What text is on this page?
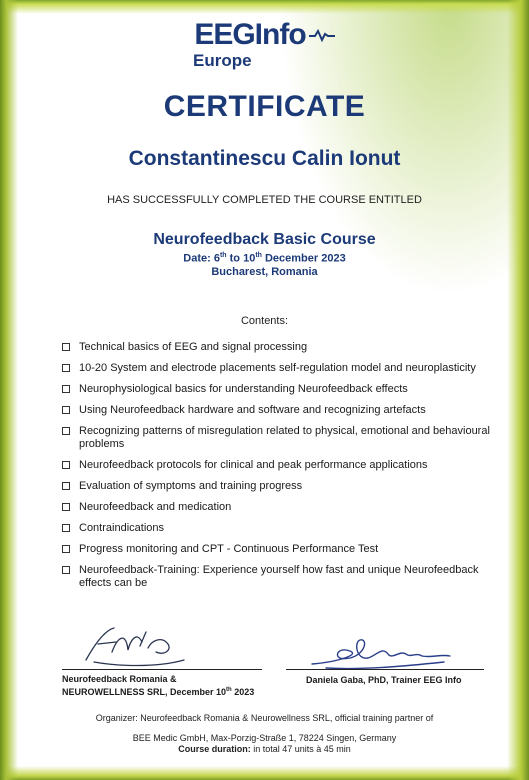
EEGInfo
Europe
CERTIFICATE
Constantinescu Calin Ionut
HAS SUCCESSFULLY COMPLETED THE COURSE ENTITLED
Neurofeedback Basic Course
Date: 6th to 10th December 2023
Bucharest, Romania
Contents:
Technical basics of EEG and signal processing
10-20 System and electrode placements self-regulation model and neuroplasticity
Neurophysiological basics for understanding Neurofeedback effects
Using Neurofeedback hardware and software and recognizing artefacts
Recognizing patterns of misregulation related to physical, emotional and behavioural problems
Neurofeedback protocols for clinical and peak performance applications
Evaluation of symptoms and training progress
Neurofeedback and medication
Contraindications
Progress monitoring and CPT - Continuous Performance Test
Neurofeedback-Training: Experience yourself how fast and unique Neurofeedback effects can be
Neurofeedback Romania &
NEUROWELLNESS SRL, December 10th 2023
Daniela Gaba, PhD, Trainer EEG Info
Organizer: Neurofeedback Romania & Neurowellness SRL, official training partner of
BEE Medic GmbH, Max-Porzig-Straße 1, 78224 Singen, Germany
Course duration: in total 47 units à 45 min
